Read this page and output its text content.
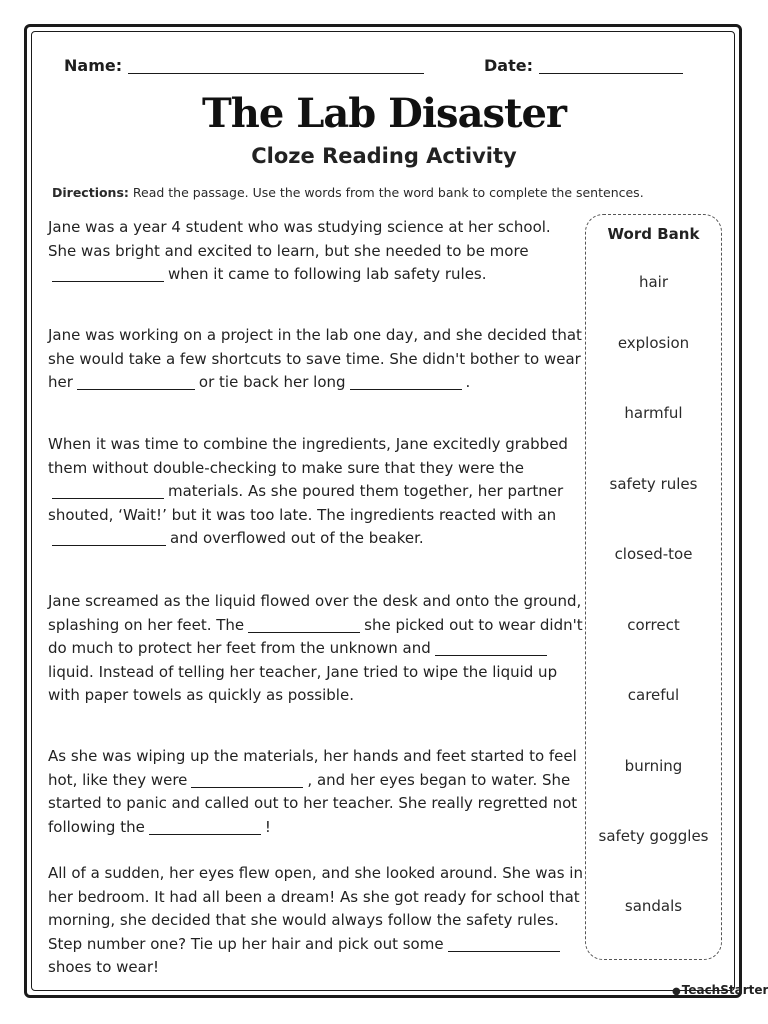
Name:	Date:
The Lab Disaster
Cloze Reading Activity
Directions: Read the passage. Use the words from the word bank to complete the sentences.
Jane was a year 4 student who was studying science at her school. She was bright and excited to learn, but she needed to be morewhen it came to following lab safety rules.
Jane was working on a project in the lab one day, and she decided that she would take a few shortcuts to save time. She didn't bother to wear her	or tie back her long	.
When it was time to combine the ingredients, Jane excitedly grabbed them without double-checking to make sure that they were thematerials. As she poured them together, her partner shouted, ‘Wait!’ but it was too late. The ingredients reacted with anand overflowed out of the beaker.
Jane screamed as the liquid flowed over the desk and onto the ground, splashing on her feet. The	she picked out to wear didn't do much to protect her feet from the unknown andliquid. Instead of telling her teacher, Jane tried to wipe the liquid up with paper towels as quickly as possible.
As she was wiping up the materials, her hands and feet started to feel hot, like they were	, and her eyes began to water. She started to panic and called out to her teacher. She really regretted not following the	!
All of a sudden, her eyes flew open, and she looked around. She was in her bedroom. It had all been a dream! As she got ready for school that morning, she decided that she would always follow the safety rules. Step number one? Tie up her hair and pick out someshoes to wear!
Word Bank
hair
explosion
harmful
safety rules
closed-toe
correct
careful
burning
safety goggles
sandals
●TeachStarter
